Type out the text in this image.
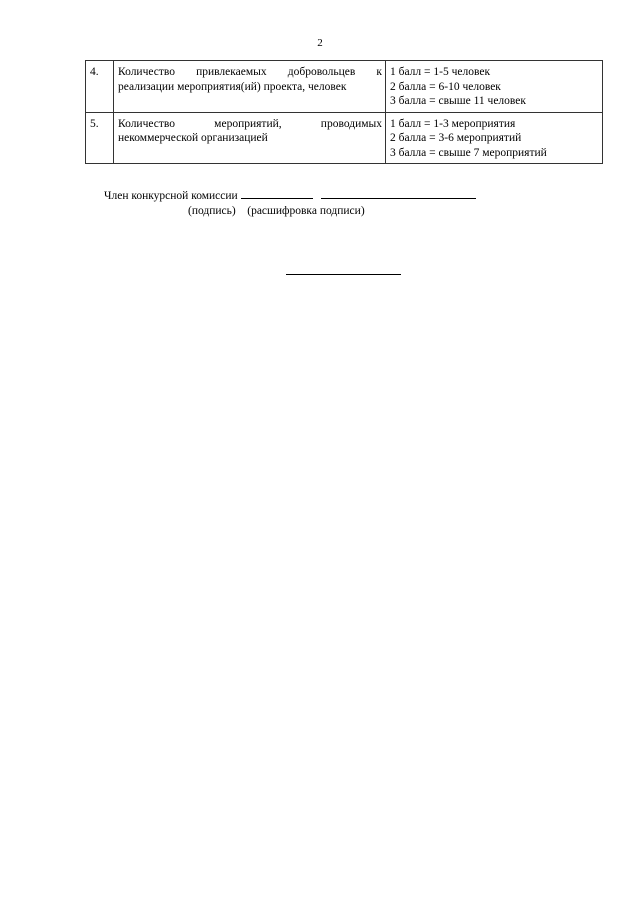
2
4.	Количество привлекаемых добровольцев к реализации мероприятия(ий) проекта, человек	1 балл = 1-5 человек
2 балла = 6-10 человек
3 балла = свыше 11 человек

5.	Количество мероприятий, проводимых некоммерческой организацией	1 балл = 1-3 мероприятия
2 балла = 3-6 мероприятий
3 балла = свыше 7 мероприятий
Член конкурсной комиссии
(подпись) (расшифровка подписи)
